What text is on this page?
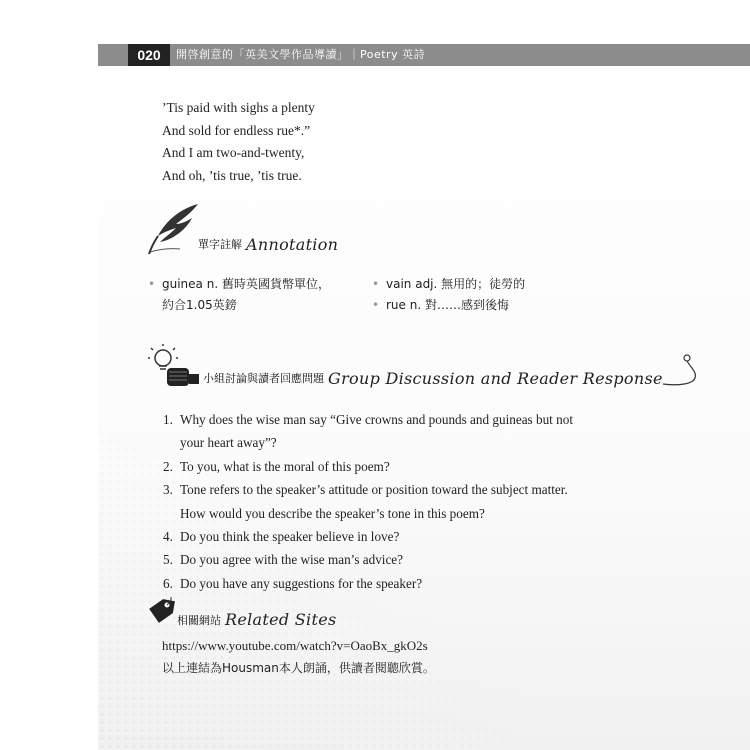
020	開啓創意的「英美文學作品導讀」｜Poetry 英詩
’Tis paid with sighs a plenty
And sold for endless rue*.”
And I am two-and-twenty,
And oh, ’tis true, ’tis true.
單字註解 Annotation
• guinea n. 舊時英國貨幣單位，
約合1.05英鎊
• vain adj. 無用的；徒勞的
• rue n. 對……感到後悔
小組討論與讀者回應問題 Group Discussion and Reader Response
1. Why does the wise man say “Give crowns and pounds and guineas but not
your heart away”?
2. To you, what is the moral of this poem?
3. Tone refers to the speaker’s attitude or position toward the subject matter.
How would you describe the speaker’s tone in this poem?
4. Do you think the speaker believe in love?
5. Do you agree with the wise man’s advice?
6. Do you have any suggestions for the speaker?
相關網站 Related Sites
https://www.youtube.com/watch?v=OaoBx_gkO2s
以上連結為Housman本人朗誦，供讀者閱聽欣賞。
